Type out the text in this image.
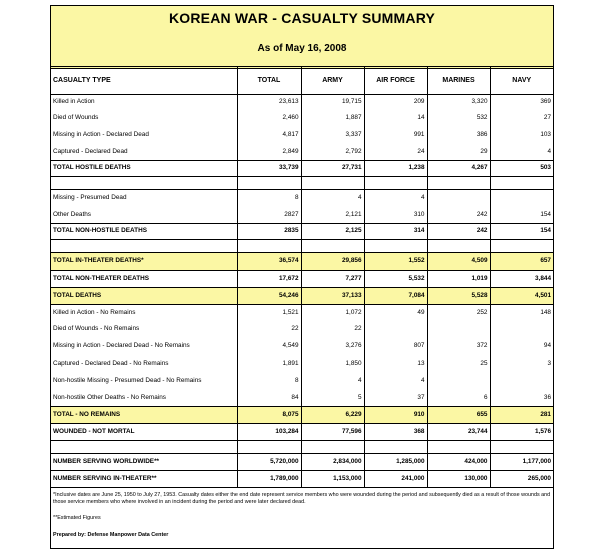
KOREAN WAR - CASUALTY SUMMARY
As of May 16, 2008
CASUALTY TYPE	TOTAL	ARMY	AIR FORCE	MARINES	NAVY
Killed in Action	23,613	19,715	209	3,320	369
Died of Wounds	2,460	1,887	14	532	27
Missing in Action - Declared Dead	4,817	3,337	991	386	103
Captured - Declared Dead	2,849	2,792	24	29	4
TOTAL HOSTILE DEATHS	33,739	27,731	1,238	4,267	503

Missing - Presumed Dead	8	4	4		
Other Deaths	2827	2,121	310	242	154
TOTAL NON-HOSTILE DEATHS	2835	2,125	314	242	154

TOTAL IN-THEATER DEATHS*	36,574	29,856	1,552	4,509	657
TOTAL NON-THEATER DEATHS	17,672	7,277	5,532	1,019	3,844
TOTAL DEATHS	54,246	37,133	7,084	5,528	4,501
Killed in Action - No Remains	1,521	1,072	49	252	148
Died of Wounds - No Remains	22	22			
Missing in Action - Declared Dead - No Remains	4,549	3,276	807	372	94
Captured - Declared Dead - No Remains	1,891	1,850	13	25	3
Non-hostile Missing - Presumed Dead - No Remains	8	4	4		
Non-hostile Other Deaths - No Remains	84	5	37	6	36
TOTAL - NO REMAINS	8,075	6,229	910	655	281
WOUNDED - NOT MORTAL	103,284	77,596	368	23,744	1,576

NUMBER SERVING WORLDWIDE**	5,720,000	2,834,000	1,285,000	424,000	1,177,000
NUMBER SERVING IN-THEATER**	1,789,000	1,153,000	241,000	130,000	265,000
*Inclusive dates are June 25, 1950 to July 27, 1953. Casualty dates either the end date represent service members who were wounded during the period and subsequently died as a result of those wounds and those service members who where involved in an incident during the period and were later declared dead.
**Estimated Figures
Prepared by: Defense Manpower Data Center
